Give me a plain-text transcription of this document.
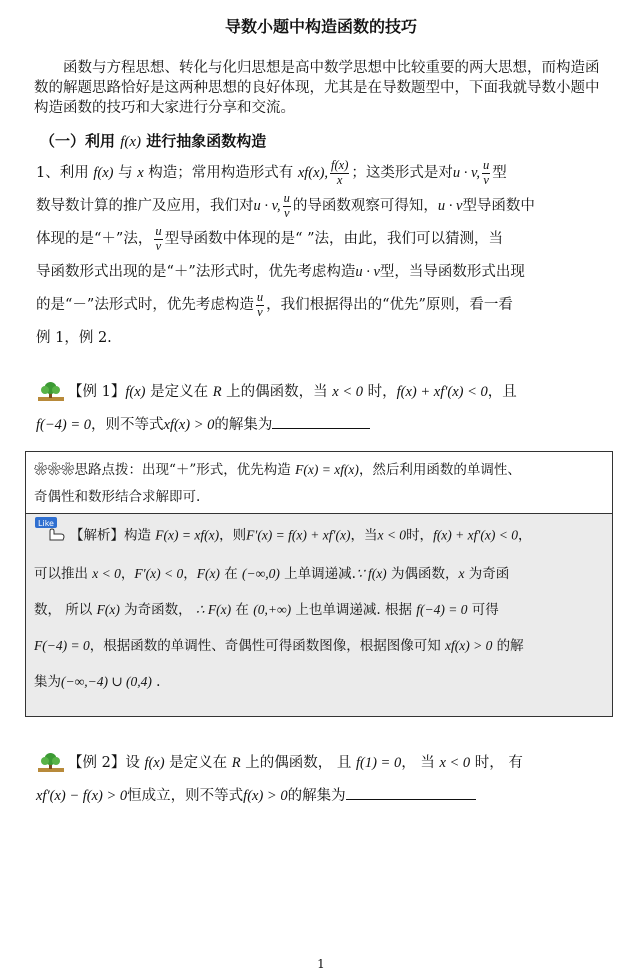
导数小题中构造函数的技巧
函数与方程思想、转化与化归思想是高中数学思想中比较重要的两大思想，而构造函数的解题思路恰好是这两种思想的良好体现，尤其是在导数题型中，下面我就导数小题中构造函数的技巧和大家进行分享和交流。
（一）利用 f(x) 进行抽象函数构造
1、利用 f(x) 与 x 构造；常用构造形式有 xf(x), $\frac{f(x)}{x}$ ；这类形式是对u · v, $\frac{u}{v}$ 型
数导数计算的推广及应用，我们对u · v, $\frac{u}{v}$ 的导函数观察可得知，u · v型导函数中
体现的是“＋”法， $\frac{u}{v}$ 型导函数中体现的是“ ”法，由此，我们可以猜测，当
导函数形式出现的是“＋”法形式时，优先考虑构造u · v型，当导函数形式出现
的是“－”法形式时，优先考虑构造 $\frac{u}{v}$ ，我们根据得出的“优先”原则，看一看
例 1，例 2.
【例 1】f(x) 是定义在 R 上的偶函数，当 x < 0 时，f(x) + xf′(x) < 0，且
f(−4) = 0，则不等式xf(x) > 0的解集为
❀❀❀思路点拨：出现“＋”形式，优先构造 F(x) = xf(x)，然后利用函数的单调性、
奇偶性和数形结合求解即可.
Like
【解析】构造 F(x) = xf(x)，则F′(x) = f(x) + xf′(x)，当x < 0时，f(x) + xf′(x) < 0，
可以推出 x < 0，F′(x) < 0，F(x) 在 (−∞,0) 上单调递减.∵ f(x) 为偶函数，x 为奇函
数， 所以 F(x) 为奇函数， ∴ F(x) 在 (0,+∞) 上也单调递减. 根据 f(−4) = 0 可得
F(−4) = 0，根据函数的单调性、奇偶性可得函数图像，根据图像可知 xf(x) > 0 的解
集为(−∞,−4) ∪ (0,4) .
【例 2】设 f(x) 是定义在 R 上的偶函数， 且 f(1) = 0， 当 x < 0 时， 有
xf′(x) − f(x) > 0恒成立，则不等式f(x) > 0的解集为
1
